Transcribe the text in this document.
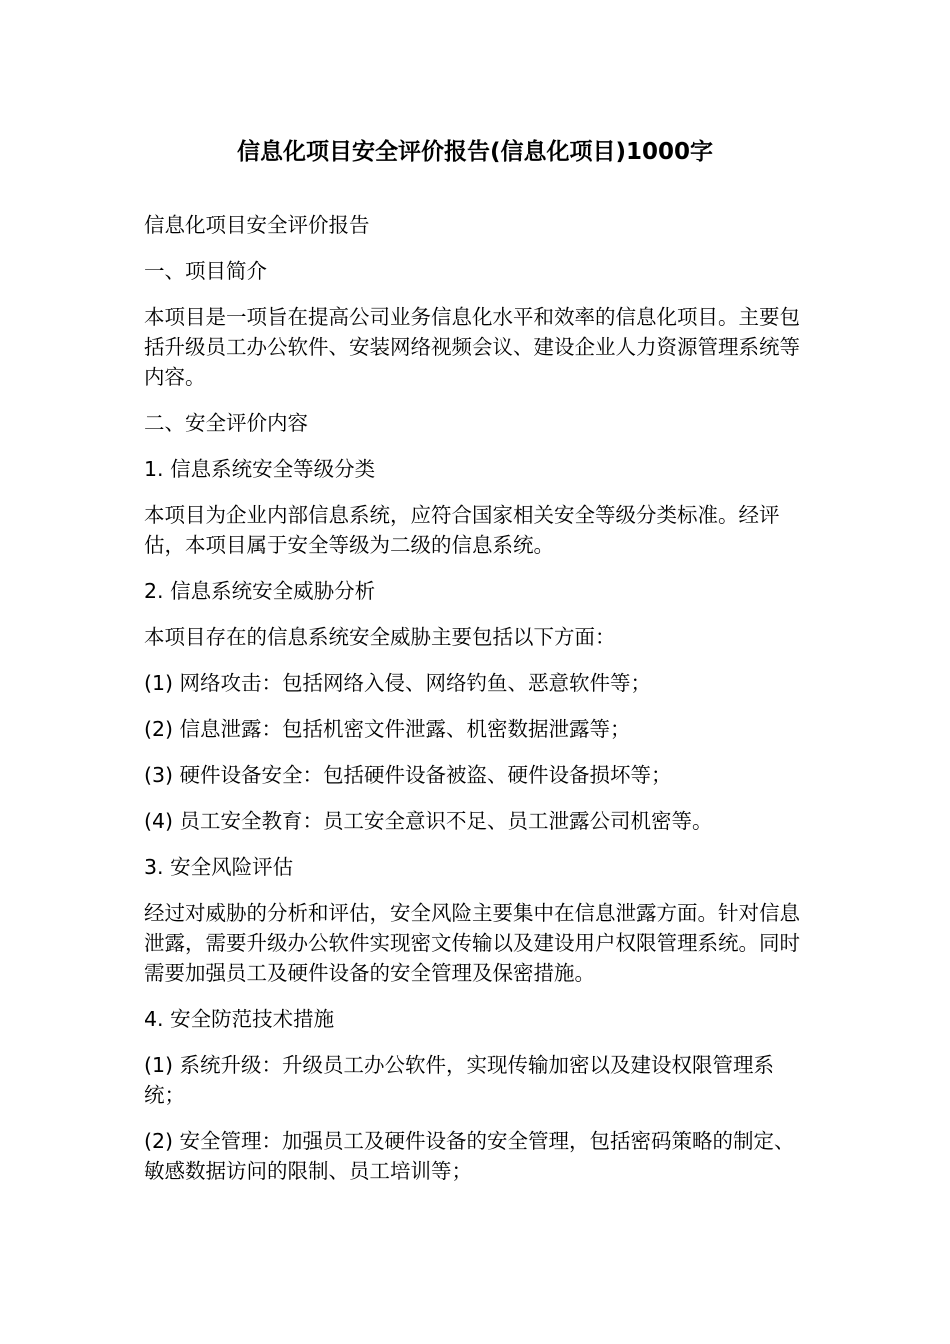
信息化项目安全评价报告(信息化项目)1000字

信息化项目安全评价报告

一、项目简介

本项目是一项旨在提高公司业务信息化水平和效率的信息化项目。主要包括升级员工办公软件、安装网络视频会议、建设企业人力资源管理系统等内容。

二、安全评价内容

1. 信息系统安全等级分类

本项目为企业内部信息系统，应符合国家相关安全等级分类标准。经评估，本项目属于安全等级为二级的信息系统。

2. 信息系统安全威胁分析

本项目存在的信息系统安全威胁主要包括以下方面：

(1) 网络攻击：包括网络入侵、网络钓鱼、恶意软件等；

(2) 信息泄露：包括机密文件泄露、机密数据泄露等；

(3) 硬件设备安全：包括硬件设备被盗、硬件设备损坏等；

(4) 员工安全教育：员工安全意识不足、员工泄露公司机密等。

3. 安全风险评估

经过对威胁的分析和评估，安全风险主要集中在信息泄露方面。针对信息泄露，需要升级办公软件实现密文传输以及建设用户权限管理系统。同时需要加强员工及硬件设备的安全管理及保密措施。

4. 安全防范技术措施

(1) 系统升级：升级员工办公软件，实现传输加密以及建设权限管理系统；

(2) 安全管理：加强员工及硬件设备的安全管理，包括密码策略的制定、敏感数据访问的限制、员工培训等；
